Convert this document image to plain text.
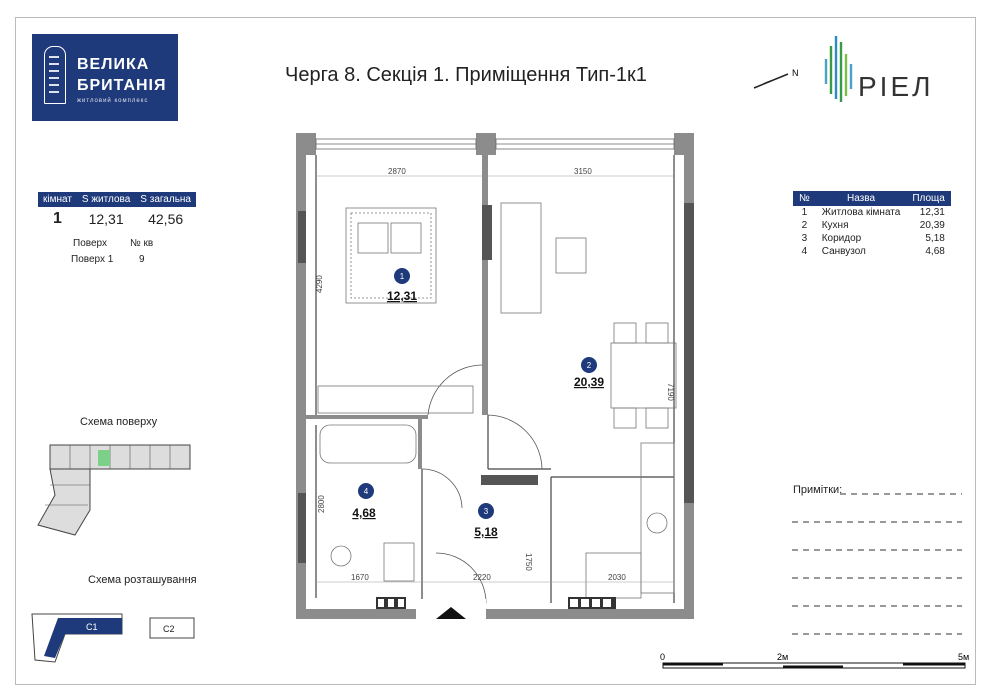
ВЕЛИКА
БРИТАНІЯ
житловий комплекс
Черга 8. Секція 1. Приміщення Тип-1к1	N РІЕЛ
кімнат	S житлова	S загальна
1	12,31	42,56
Поверх № кв
Поверх 1	9
№	Назва	Площа
1	Житлова кімната	12,31
2	Кухня	20,39
3	Коридор	5,18
4	Санвузол	4,68
Схема поверху
Схема розташування
C1	C2
1
2
3
4
12,31
20,39
5,18
4,68
2870	3150
4290
7190
2800
1750
1670	2220	2030
Примітки:
0	2м	5м
